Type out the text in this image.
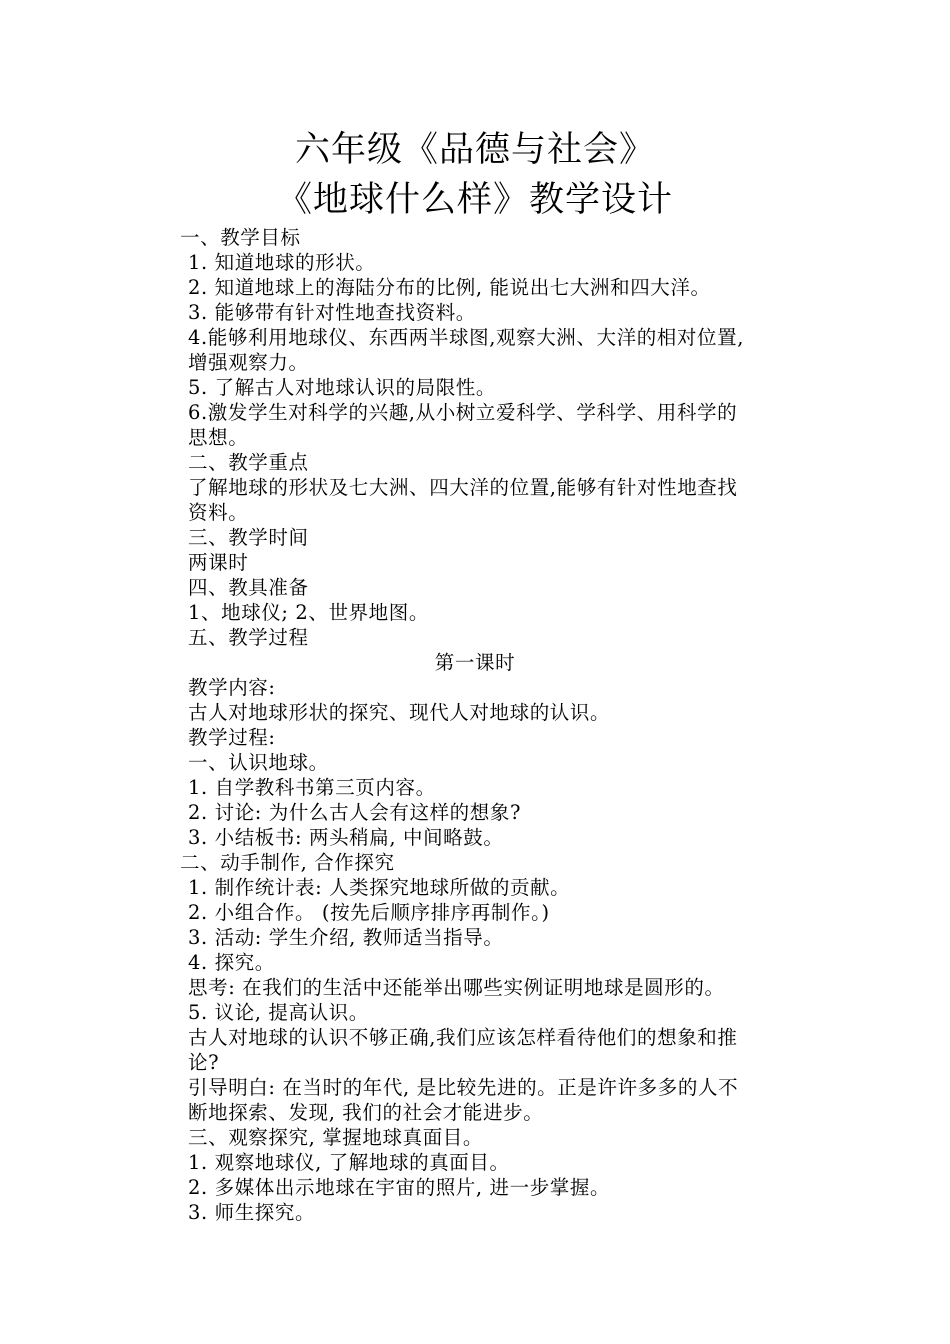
六年级《品德与社会》
《地球什么样》教学设计
一、教学目标
1. 知道地球的形状。
2. 知道地球上的海陆分布的比例, 能说出七大洲和四大洋。
3. 能够带有针对性地查找资料。
4.能够利用地球仪、东西两半球图,观察大洲、大洋的相对位置,
增强观察力。
5. 了解古人对地球认识的局限性。
6.激发学生对科学的兴趣,从小树立爱科学、学科学、用科学的
思想。
二、教学重点
了解地球的形状及七大洲、四大洋的位置,能够有针对性地查找
资料。
三、教学时间
两课时
四、教具准备
1、地球仪; 2、世界地图。
五、教学过程
第一课时
教学内容:
古人对地球形状的探究、现代人对地球的认识。
教学过程:
一、认识地球。
1. 自学教科书第三页内容。
2. 讨论: 为什么古人会有这样的想象?
3. 小结板书: 两头稍扁, 中间略鼓。
二、动手制作, 合作探究
1. 制作统计表: 人类探究地球所做的贡献。
2. 小组合作。 (按先后顺序排序再制作。)
3. 活动: 学生介绍, 教师适当指导。
4. 探究。
思考: 在我们的生活中还能举出哪些实例证明地球是圆形的。
5. 议论, 提高认识。
古人对地球的认识不够正确,我们应该怎样看待他们的想象和推
论?
引导明白: 在当时的年代, 是比较先进的。正是许许多多的人不
断地探索、发现, 我们的社会才能进步。
三、观察探究, 掌握地球真面目。
1. 观察地球仪, 了解地球的真面目。
2. 多媒体出示地球在宇宙的照片, 进一步掌握。
3. 师生探究。
